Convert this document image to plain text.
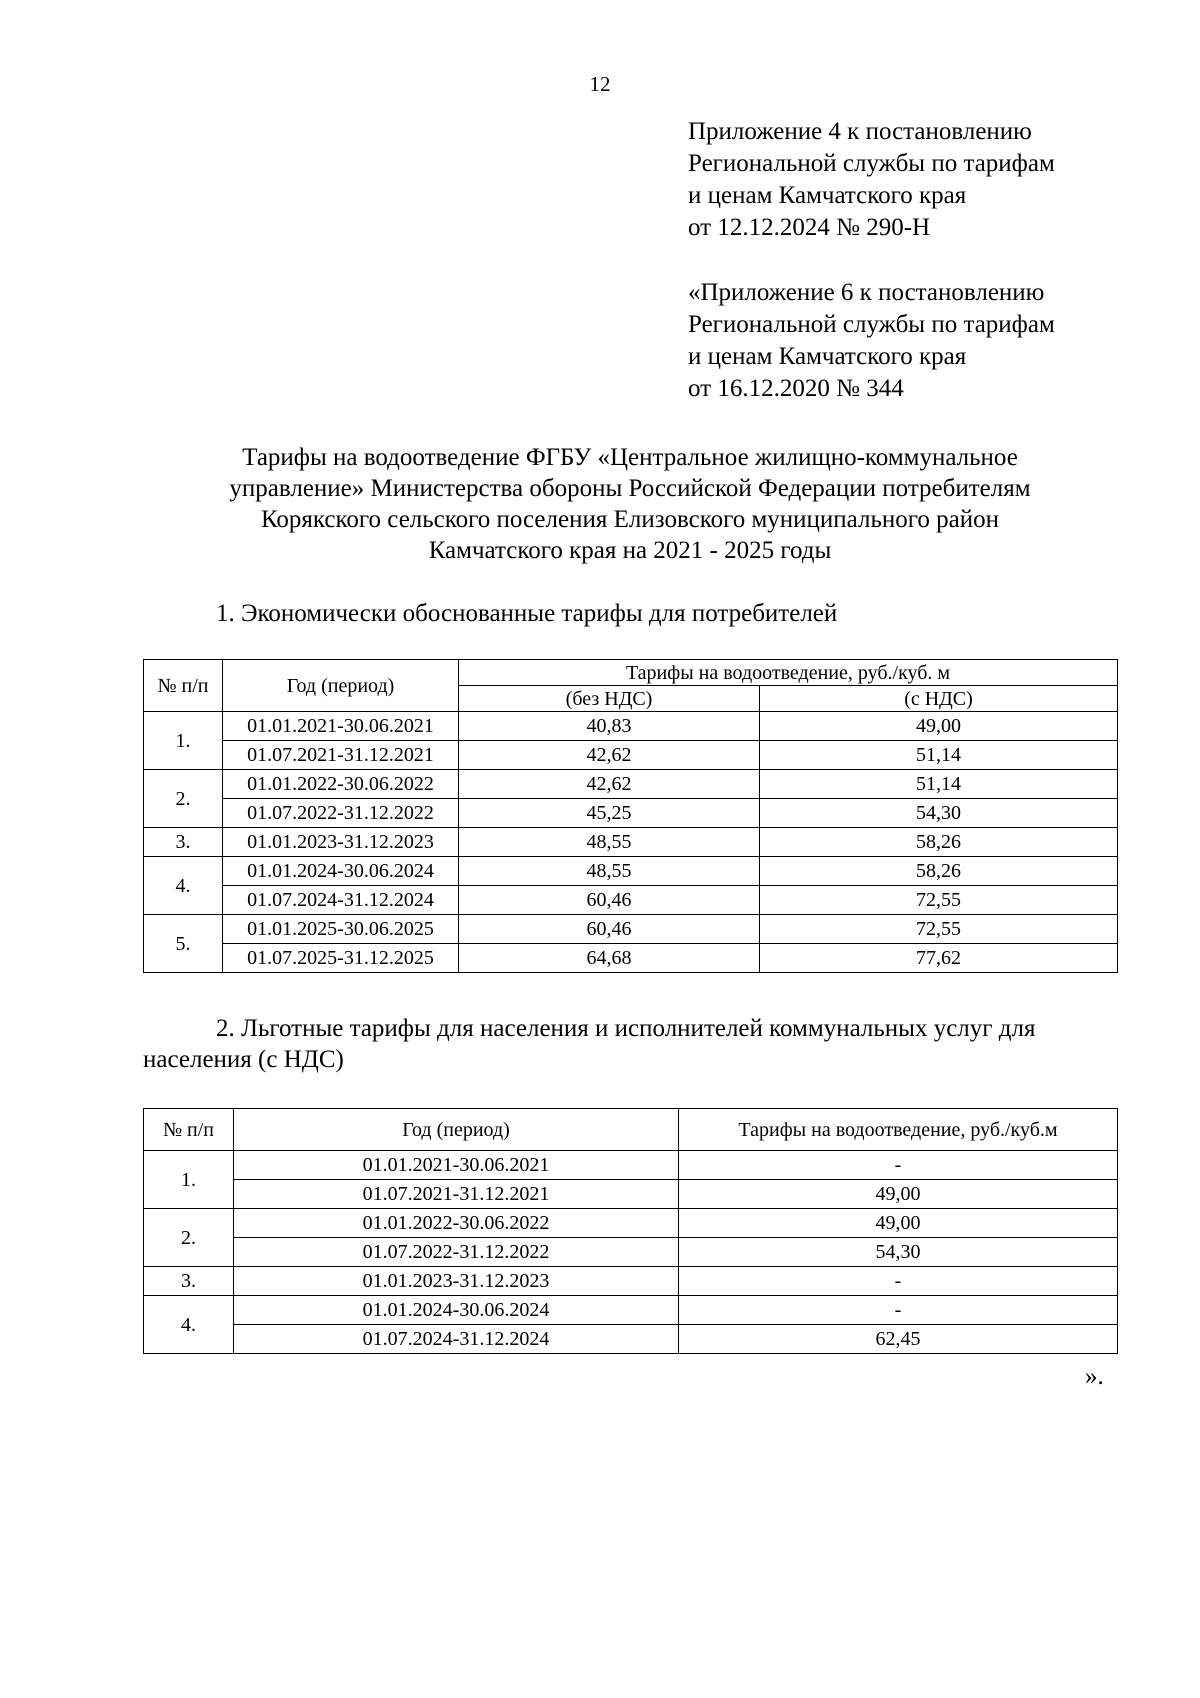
12
Приложение 4 к постановлению
Региональной службы по тарифам
и ценам Камчатского края
от 12.12.2024 № 290-Н
«Приложение 6 к постановлению
Региональной службы по тарифам
и ценам Камчатского края
от 16.12.2020 № 344
Тарифы на водоотведение ФГБУ «Центральное жилищно-коммунальное
управление» Министерства обороны Российской Федерации потребителям
Корякского сельского поселения Елизовского муниципального район
Камчатского края на 2021 - 2025 годы
1. Экономически обоснованные тарифы для потребителей
№ п/п	Год (период)	Тарифы на водоотведение, руб./куб. м	
		(без НДС)	(с НДС)
1.	01.01.2021-30.06.2021	40,83	49,00
	01.07.2021-31.12.2021	42,62	51,14
2.	01.01.2022-30.06.2022	42,62	51,14
	01.07.2022-31.12.2022	45,25	54,30
3.	01.01.2023-31.12.2023	48,55	58,26
4.	01.01.2024-30.06.2024	48,55	58,26
	01.07.2024-31.12.2024	60,46	72,55
5.	01.01.2025-30.06.2025	60,46	72,55
	01.07.2025-31.12.2025	64,68	77,62
2. Льготные тарифы для населения и исполнителей коммунальных услуг для населения (с НДС)
№ п/п	Год (период)	Тарифы на водоотведение, руб./куб.м
1.	01.01.2021-30.06.2021	-
	01.07.2021-31.12.2021	49,00
2.	01.01.2022-30.06.2022	49,00
	01.07.2022-31.12.2022	54,30
3.	01.01.2023-31.12.2023	-
4.	01.01.2024-30.06.2024	-
	01.07.2024-31.12.2024	62,45
».
